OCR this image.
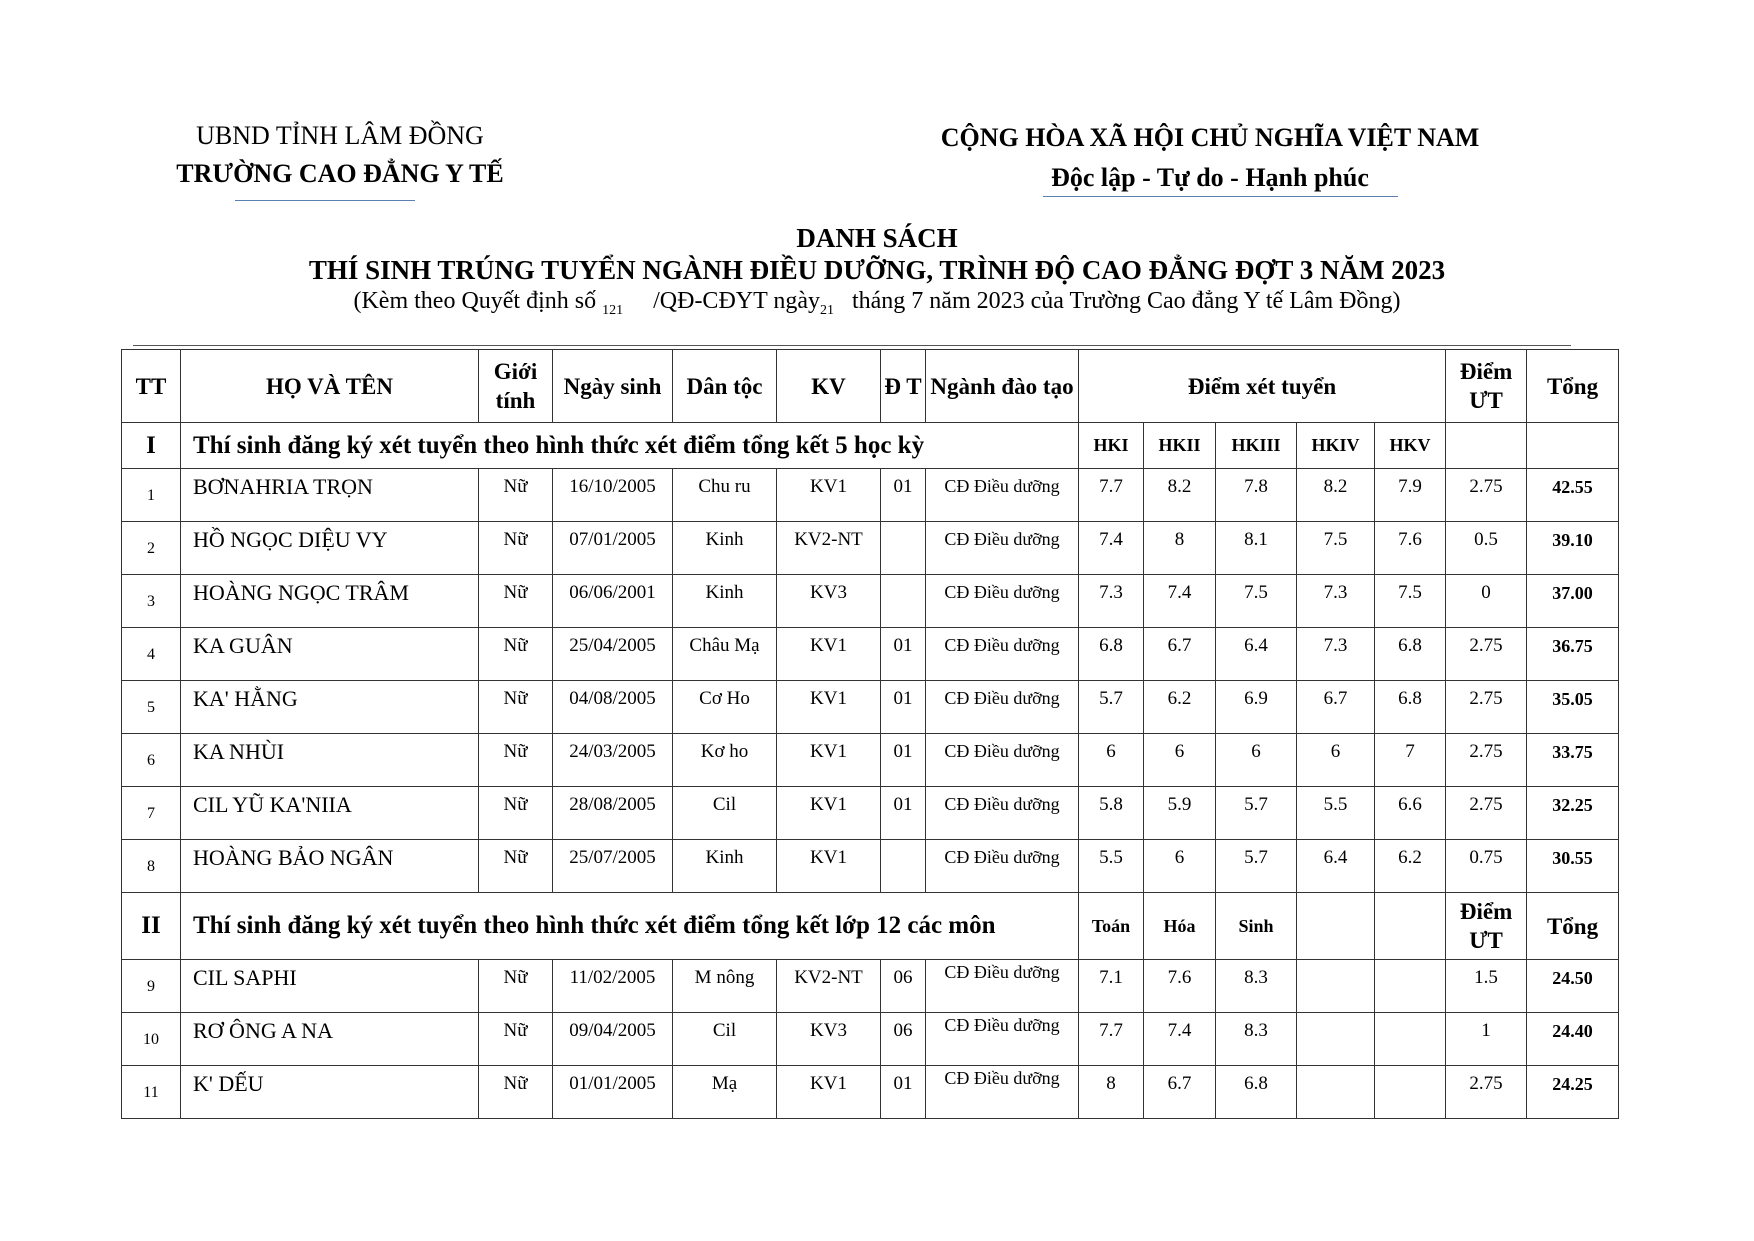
UBND TỈNH LÂM ĐỒNG
TRƯỜNG CAO ĐẲNG Y TẾ
CỘNG HÒA XÃ HỘI CHỦ NGHĨA VIỆT NAM
Độc lập - Tự do - Hạnh phúc
DANH SÁCH
THÍ SINH TRÚNG TUYỂN NGÀNH ĐIỀU DƯỠNG, TRÌNH ĐỘ CAO ĐẲNG ĐỢT 3 NĂM 2023
(Kèm theo Quyết định số 121 /QĐ-CĐYT ngày21 tháng 7 năm 2023 của Trường Cao đẳng Y tế Lâm Đồng)
TT	HỌ VÀ TÊN	Giới tính	Ngày sinh	Dân tộc	KV	Đ T	Ngành đào tạo	Điểm xét tuyển					Điểm ƯT	Tổng
I	Thí sinh đăng ký xét tuyển theo hình thức xét điểm tổng kết 5 học kỳ							HKI	HKII	HKIII	HKIV	HKV		
1	BƠNAHRIA TRỌN	Nữ	16/10/2005	Chu ru	KV1	01	CĐ Điều dưỡng	7.7	8.2	7.8	8.2	7.9	2.75	42.55
2	HỒ NGỌC DIỆU VY	Nữ	07/01/2005	Kinh	KV2-NT		CĐ Điều dưỡng	7.4	8	8.1	7.5	7.6	0.5	39.10
3	HOÀNG NGỌC TRÂM	Nữ	06/06/2001	Kinh	KV3		CĐ Điều dưỡng	7.3	7.4	7.5	7.3	7.5	0	37.00
4	KA GUÂN	Nữ	25/04/2005	Châu Mạ	KV1	01	CĐ Điều dưỡng	6.8	6.7	6.4	7.3	6.8	2.75	36.75
5	KA' HẰNG	Nữ	04/08/2005	Cơ Ho	KV1	01	CĐ Điều dưỡng	5.7	6.2	6.9	6.7	6.8	2.75	35.05
6	KA NHÙI	Nữ	24/03/2005	Kơ ho	KV1	01	CĐ Điều dưỡng	6	6	6	6	7	2.75	33.75
7	CIL YŨ KA'NIIA	Nữ	28/08/2005	Cil	KV1	01	CĐ Điều dưỡng	5.8	5.9	5.7	5.5	6.6	2.75	32.25
8	HOÀNG BẢO NGÂN	Nữ	25/07/2005	Kinh	KV1		CĐ Điều dưỡng	5.5	6	5.7	6.4	6.2	0.75	30.55
II	Thí sinh đăng ký xét tuyển theo hình thức xét điểm tổng kết lớp 12 các môn							Toán	Hóa	Sinh			Điểm ƯT	Tổng
9	CIL SAPHI	Nữ	11/02/2005	M nông	KV2-NT	06	CĐ Điều dưỡng	7.1	7.6	8.3			1.5	24.50
10	RƠ ÔNG A NA	Nữ	09/04/2005	Cil	KV3	06	CĐ Điều dưỡng	7.7	7.4	8.3			1	24.40
11	K' DẾU	Nữ	01/01/2005	Mạ	KV1	01	CĐ Điều dưỡng	8	6.7	6.8			2.75	24.25
